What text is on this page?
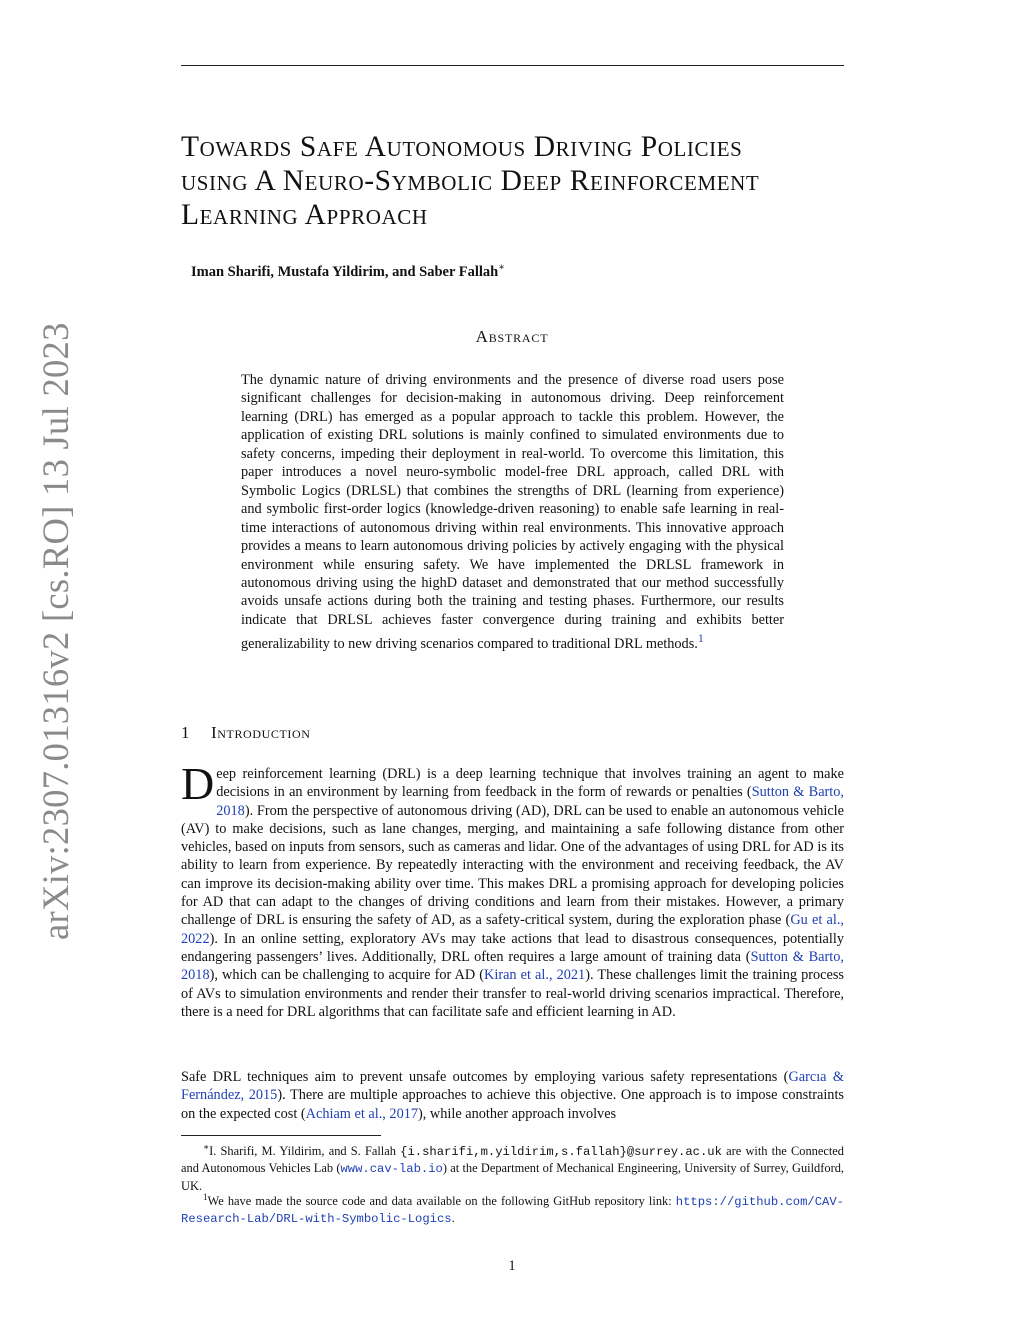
arXiv:2307.01316v2 [cs.RO] 13 Jul 2023
Towards Safe Autonomous Driving Policies
using A Neuro-Symbolic Deep Reinforcement
Learning Approach
Iman Sharifi, Mustafa Yildirim, and Saber Fallah∗
Abstract

The dynamic nature of driving environments and the presence of diverse road users pose significant challenges for decision-making in autonomous driving. Deep reinforcement learning (DRL) has emerged as a popular approach to tackle this problem. However, the application of existing DRL solutions is mainly confined to simulated environments due to safety concerns, impeding their deployment in real-world. To overcome this limitation, this paper introduces a novel neuro-symbolic model-free DRL approach, called DRL with Symbolic Logics (DRLSL) that combines the strengths of DRL (learning from experience) and symbolic first-order logics (knowledge-driven reasoning) to enable safe learning in real-time interactions of autonomous driving within real environments. This innovative approach provides a means to learn autonomous driving policies by actively engaging with the physical environment while ensuring safety. We have implemented the DRLSL framework in autonomous driving using the highD dataset and demonstrated that our method successfully avoids unsafe actions during both the training and testing phases. Furthermore, our results indicate that DRLSL achieves faster convergence during training and exhibits better generalizability to new driving scenarios compared to traditional DRL methods.$^1$

1 Introduction

Deep reinforcement learning (DRL) is a deep learning technique that involves training an agent to make decisions in an environment by learning from feedback in the form of rewards or penalties (Sutton & Barto, 2018). From the perspective of autonomous driving (AD), DRL can be used to enable an autonomous vehicle (AV) to make decisions, such as lane changes, merging, and maintaining a safe following distance from other vehicles, based on inputs from sensors, such as cameras and lidar. One of the advantages of using DRL for AD is its ability to learn from experience. By repeatedly interacting with the environment and receiving feedback, the AV can improve its decision-making ability over time. This makes DRL a promising approach for developing policies for AD that can adapt to the changes of driving conditions and learn from their mistakes. However, a primary challenge of DRL is ensuring the safety of AD, as a safety-critical system, during the exploration phase (Gu et al., 2022). In an online setting, exploratory AVs may take actions that lead to disastrous consequences, potentially endangering passengers’ lives. Additionally, DRL often requires a large amount of training data (Sutton & Barto, 2018), which can be challenging to acquire for AD (Kiran et al., 2021). These challenges limit the training process of AVs to simulation environments and render their transfer to real-world driving scenarios impractical. Therefore, there is a need for DRL algorithms that can facilitate safe and efficient learning in AD.

Safe DRL techniques aim to prevent unsafe outcomes by employing various safety representations (Garcıa & Fernández, 2015). There are multiple approaches to achieve this objective. One approach is to impose constraints on the expected cost (Achiam et al., 2017), while another approach involves

∗I. Sharifi, M. Yildirim, and S. Fallah {i.sharifi,m.yildirim,s.fallah}@surrey.ac.uk are with the Connected and Autonomous Vehicles Lab (www.cav-lab.io) at the Department of Mechanical Engineering, University of Surrey, Guildford, UK.

$^1$We have made the source code and data available on the following GitHub repository link: https://github.com/CAV-Research-Lab/DRL-with-Symbolic-Logics.

1
